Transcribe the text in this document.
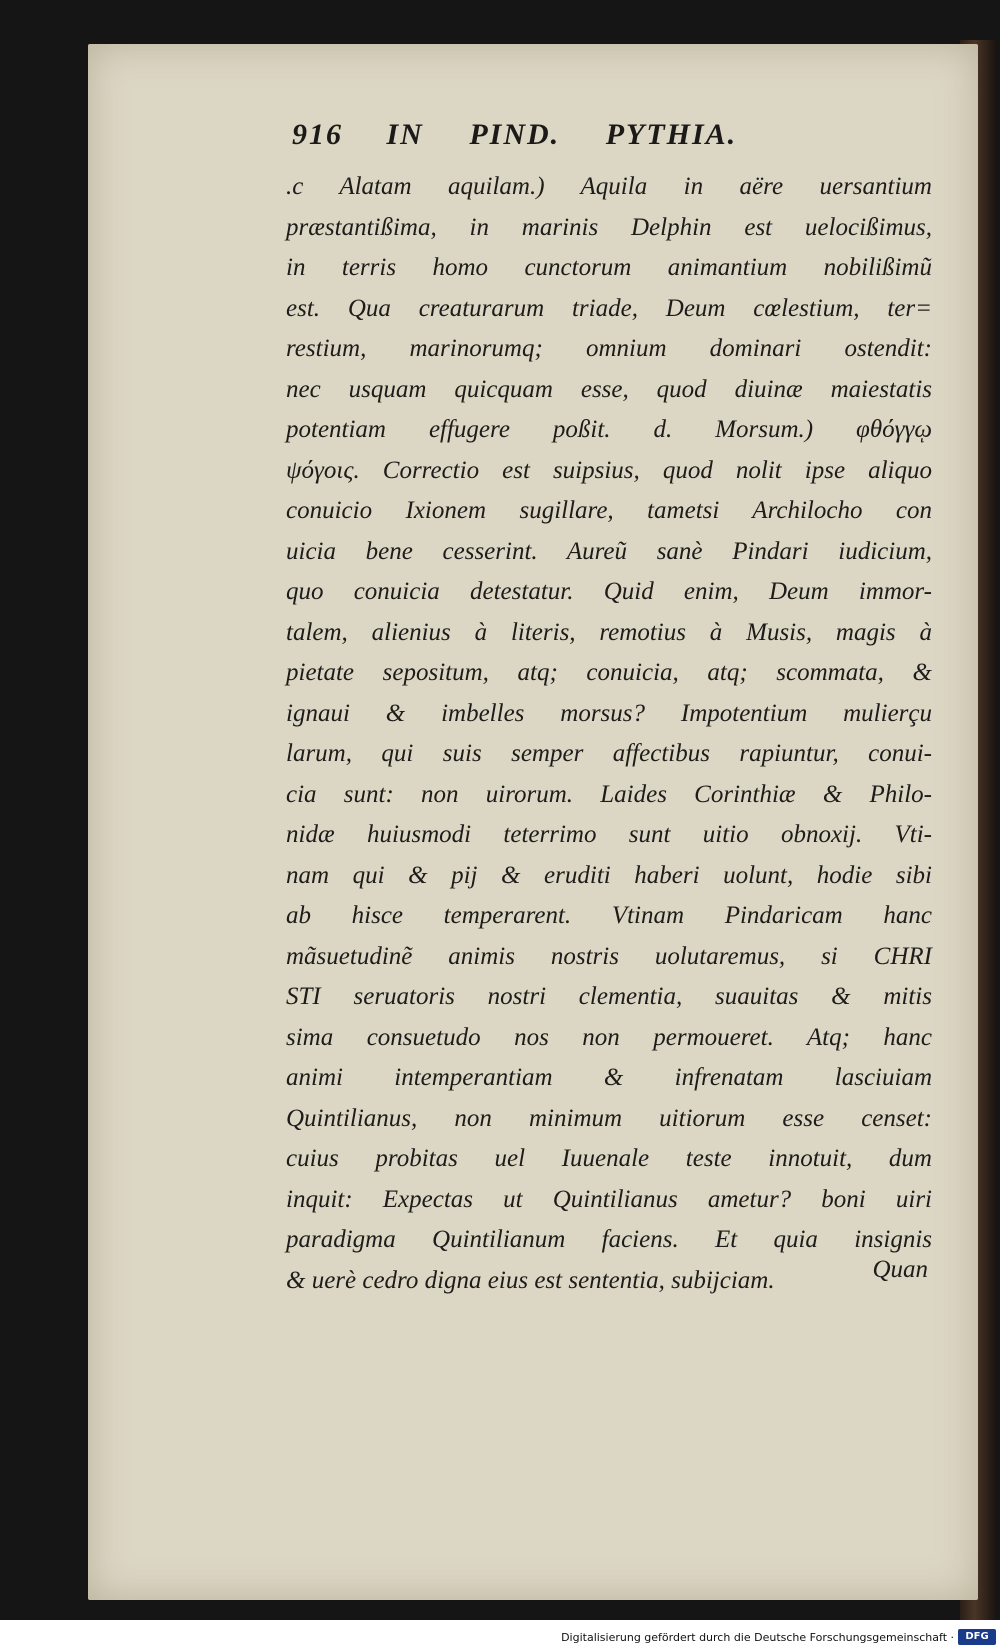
916 IN PIND. PYTHIA.
.c Alatam aquilam.) Aquila in aëre uersantium
præstantißima, in marinis Delphin est uelocißimus,
in terris homo cunctorum animantium nobilißimũ
est. Qua creaturarum triade, Deum cœlestium, ter=
restium, marinorumq; omnium dominari ostendit:
nec usquam quicquam esse, quod diuinæ maiestatis
potentiam effugere poßit. d. Morsum.) φθόγγῳ
ψόγοις. Correctio est suipsius, quod nolit ipse aliquo
conuicio Ixionem sugillare, tametsi Archilocho con
uicia bene cesserint. Aureũ sanè Pindari iudicium,
quo conuicia detestatur. Quid enim, Deum immor-
talem, alienius à literis, remotius à Musis, magis à
pietate sepositum, atq; conuicia, atq; scommata, &
ignaui & imbelles morsus? Impotentium mulierçu
larum, qui suis semper affectibus rapiuntur, conui-
cia sunt: non uirorum. Laides Corinthiæ & Philo-
nidæ huiusmodi teterrimo sunt uitio obnoxij. Vti-
nam qui & pij & eruditi haberi uolunt, hodie sibi
ab hisce temperarent. Vtinam Pindaricam hanc
mãsuetudinẽ animis nostris uolutaremus, si CHRI
STI seruatoris nostri clementia, suauitas & mitis
sima consuetudo nos non permoueret. Atq; hanc
animi intemperantiam & infrenatam lasciuiam
Quintilianus, non minimum uitiorum esse censet:
cuius probitas uel Iuuenale teste innotuit, dum
inquit: Expectas ut Quintilianus ametur? boni uiri
paradigma Quintilianum faciens. Et quia insignis
& uerè cedro digna eius est sententia, subijciam.	Quan
Digitalisierung gefördert durch die Deutsche Forschungsgemeinschaft ·	DFG
